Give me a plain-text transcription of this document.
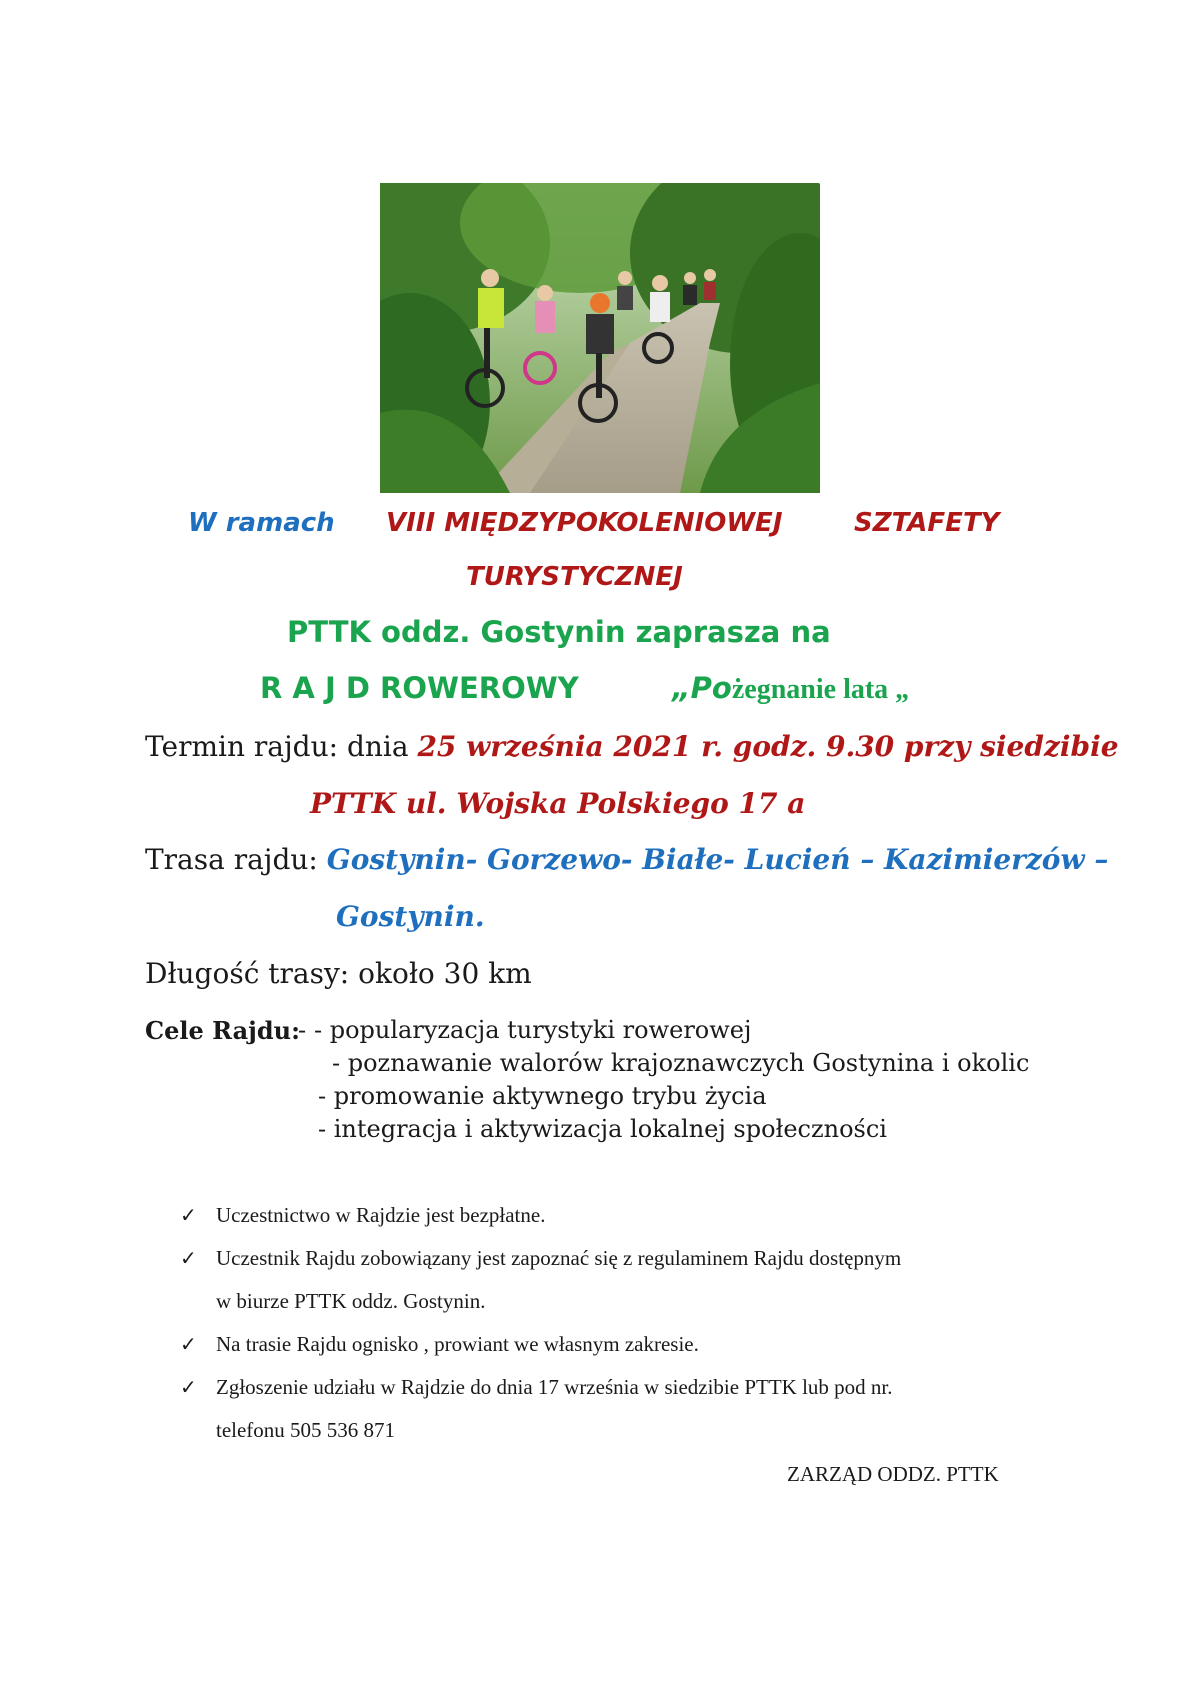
W ramach VIII MIĘDZYPOKOLENIOWEJ	SZTAFETY
TURYSTYCZNEJ
PTTK oddz. Gostynin zaprasza na
R A J D ROWEROWY	„Pożegnanie lata „
Termin rajdu: dnia 25 września 2021 r. godz. 9.30 przy siedzibie
PTTK ul. Wojska Polskiego 17 a
Trasa rajdu: Gostynin- Gorzewo- Białe- Lucień – Kazimierzów –
Gostynin.
Długość trasy: około 30 km
Cele Rajdu:
- - popularyzacja turystyki rowerowej
- poznawanie walorów krajoznawczych Gostynina i okolic
- promowanie aktywnego trybu życia
- integracja i aktywizacja lokalnej społeczności
✓ Uczestnictwo w Rajdzie jest bezpłatne.
✓ Uczestnik Rajdu zobowiązany jest zapoznać się z regulaminem Rajdu dostępnym
w biurze PTTK oddz. Gostynin.
✓ Na trasie Rajdu ognisko , prowiant we własnym zakresie.
✓ Zgłoszenie udziału w Rajdzie do dnia 17 września w siedzibie PTTK lub pod nr.
telefonu 505 536 871
ZARZĄD ODDZ. PTTK
